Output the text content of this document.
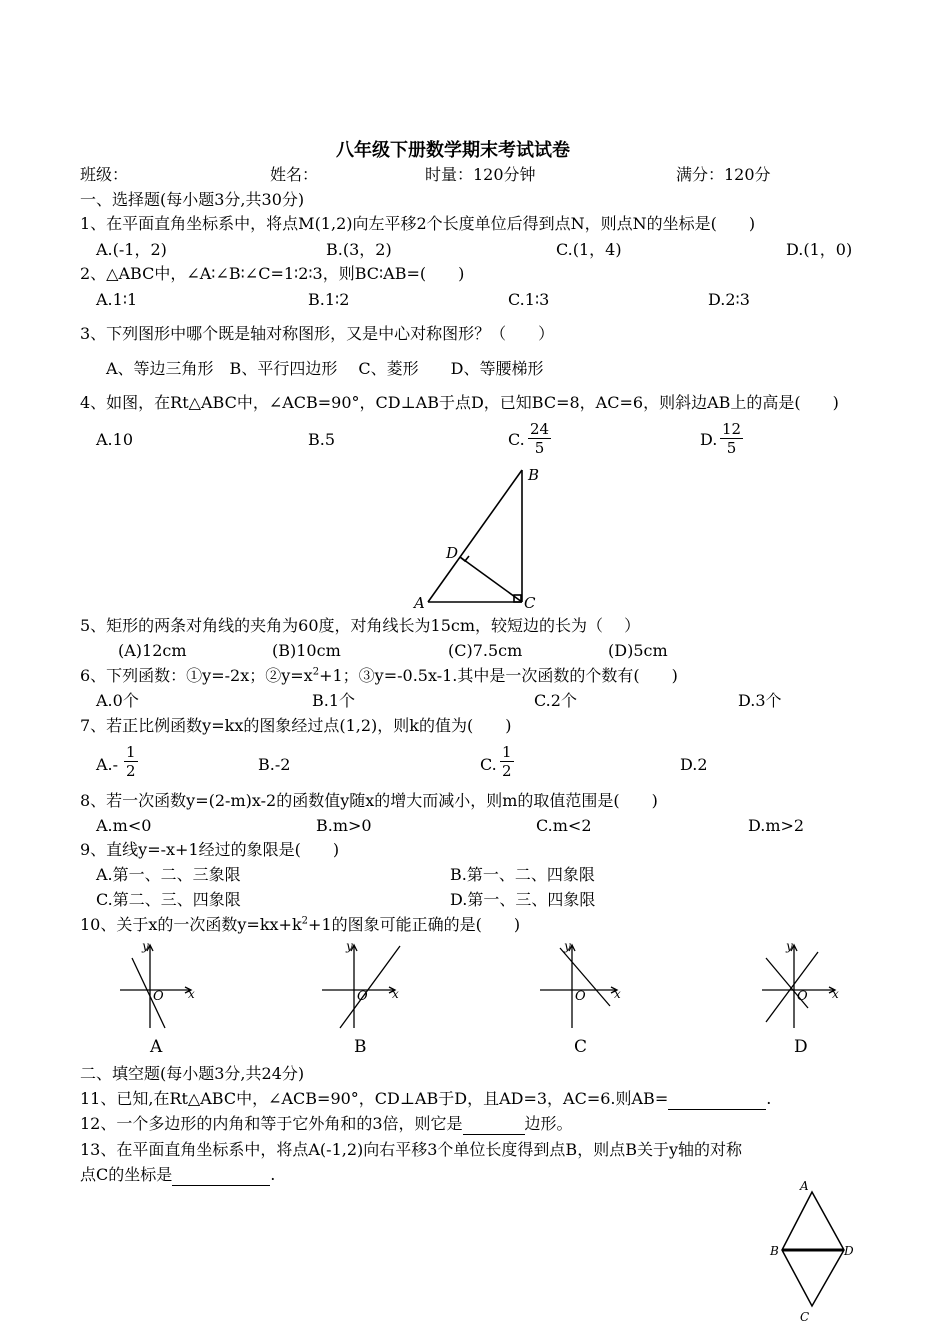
八年级下册数学期末考试试卷
班级：	姓名：	时量：120分钟	满分：120分
一、选择题(每小题3分,共30分)
1、在平面直角坐标系中，将点M(1,2)向左平移2个长度单位后得到点N，则点N的坐标是(　　)
A.(-1，2)	B.(3，2)	C.(1，4)	D.(1，0)
2、△ABC中，∠A∶∠B∶∠C=1∶2∶3，则BC∶AB=(　　)
A.1∶1	B.1∶2	C.1∶3	D.2∶3
3、下列图形中哪个既是轴对称图形，又是中心对称图形？（　　）
A、等边三角形　B、平行四边形　 C、菱形　　D、等腰梯形
4、如图，在Rt△ABC中，∠ACB=90°，CD⊥AB于点D，已知BC=8，AC=6，则斜边AB上的高是(　　)
A.10	B.5	C. $\frac{24}{5}$	D. $\frac{12}{5}$
B
D
A	C
5、矩形的两条对角线的夹角为60度，对角线长为15cm，较短边的长为（　 ）
(A)12cm	(B)10cm	(C)7.5cm	(D)5cm
6、下列函数：①y=-2x；$②y=x^2+1$；③y=-0.5x-1.其中是一次函数的个数有(　　)
A.0个	B.1个	C.2个	D.3个
7、若正比例函数y=kx的图象经过点(1,2)，则k的值为(　　)
$A.- \frac{1}{2}$	B.-2	C. $\frac{1}{2}$	D.2
8、若一次函数y=(2-m)x-2的函数值y随x的增大而减小，则m的取值范围是(　　)
A.m<0	B.m>0	C.m<2	D.m>2
9、直线y=-x+1经过的象限是(　　)
A.第一、二、三象限	B.第一、二、四象限
C.第二、三、四象限	D.第一、三、四象限
10、关于x的一次函数$y=kx+k^2+1$的图象可能正确的是(　　)
y
x
O
A
y
x
O
B
y
x
O
C
y
x
O
D
二、填空题(每小题3分,共24分)
11、已知,在Rt△ABC中，∠ACB=90°，CD⊥AB于D，且AD=3，AC=6.则AB=	.
12、一个多边形的内角和等于它外角和的3倍，则它是	边形。
13、在平面直角坐标系中，将点A(-1,2)向右平移3个单位长度得到点B，则点B关于y轴的对称
点C的坐标是	.
A
B	D
C
